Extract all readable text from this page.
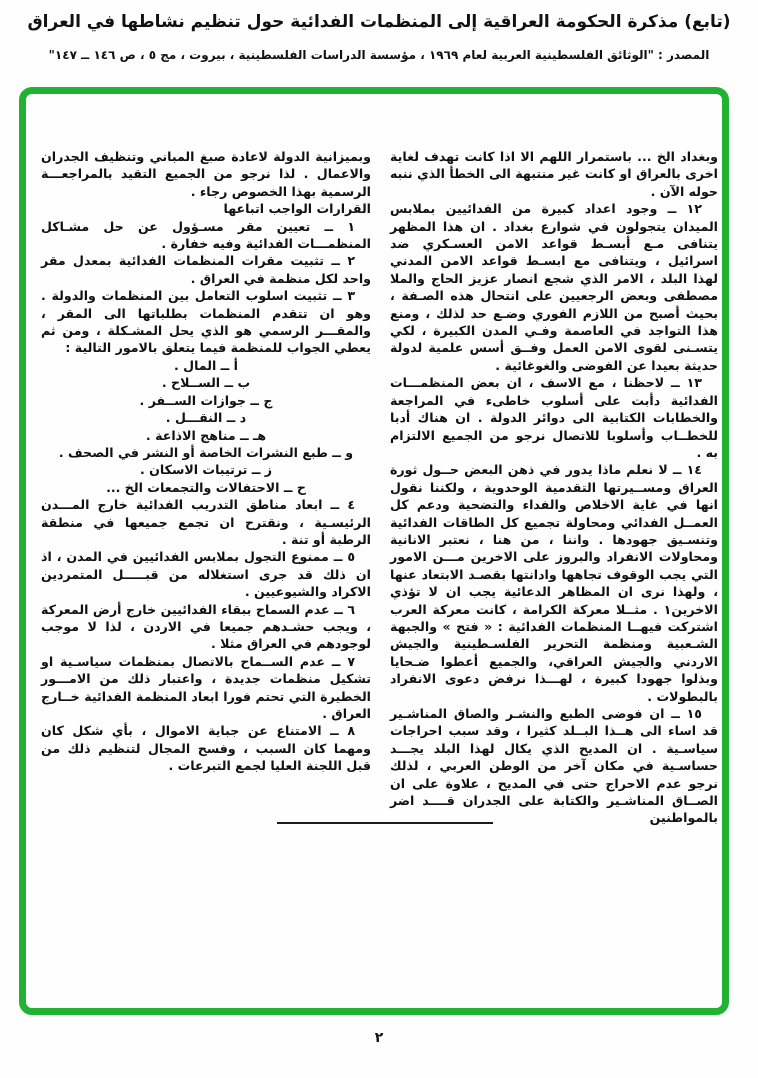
(تابع) مذكرة الحكومة العراقية إلى المنظمات الفدائية حول تنظيم نشاطها في العراق
المصدر : "الوثائق الفلسطينية العربية لعام ١٩٦٩ ، مؤسسة الدراسات الفلسطينية ، بيروت ، مج ٥ ، ص ١٤٦ ــ ١٤٧"

وبغداد الخ ... باستمرار اللهم الا اذا كانت تهدف لغاية اخرى بالعراق او كانت غير منتبهة الى الخطأ الذي ننبه حوله الآن .

١٢ ــ وجود اعداد كبيرة من الفدائيين بملابس الميدان يتجولون في شوارع بغداد . ان هذا المظهر يتنافى مـع أبسـط قواعد الامن العسـكري ضد اسرائيل ، ويتنافى مع ابسـط قواعد الامن المدني لهذا البلد ، الامر الذي شجع انصار عزيز الحاج والملا مصطفى وبعض الرجعيين على انتحال هذه الصـفة ، بحيث أصبح من اللازم الفوري وضـع حد لذلك ، ومنع هذا التواجد في العاصمة وفـي المدن الكبيرة ، لكي يتسـنى لقوى الامن العمل وفــق أسس علمية لدولة حديثة بعيدا عن الفوضى والغوغائية .

١٣ ــ لاحظنا ، مع الاسف ، ان بعض المنظمـــات الفدائية دأبت على أسلوب خاطىء في المراجعة والخطابات الكتابية الى دوائر الدولة . ان هناك أدبا للخطــاب وأسلوبا للاتصال نرجو من الجميع الالتزام به .

١٤ ــ لا نعلم ماذا يدور في ذهن البعض حــول ثورة العراق ومســيرتها التقدمية الوحدوية ، ولكننا نقول انها في غاية الاخلاص والفداء والتضحية ودعم كل العمــل الفدائي ومحاولة تجميع كل الطاقات الفدائية وتنسـيق جهودها . واننا ، من هنا ، نعتبر الانانية ومحاولات الانفراد والبروز على الاخرين مـــن الامور التي يجب الوقوف تجاهها وادانتها بقصـد الابتعاد عنها ، ولهذا نرى ان المظاهر الدعائية يجب ان لا تؤذي الاخرين١ . مثــلا معركة الكرامة ، كانت معركة العرب اشتركت فيهــا المنظمات الفدائية : « فتح » والجبهة الشـعبية ومنظمة التحرير الفلسـطينية والجيش الاردني والجيش العراقي، والجميع أعطوا ضـحايا وبذلوا جهودا كبيرة ، لهـــذا نرفض دعوى الانفراد بالبطولات .

١٥ ــ ان فوضى الطبع والنشـر والصاق المناشـير قد اساء الى هــذا البــلد كثيرا ، وقد سبب احراجات سياسـية . ان المديح الذي يكال لهذا البلد يجـــد حساسـية في مكان آخر من الوطن العربي ، لذلك نرجو عدم الاحراج حتى في المديح ، علاوة على ان الصــاق المناشـير والكتابة على الجدران قــــد اضر بالمواطنين

وبميزانية الدولة لاعادة صبغ المباني وتنظيف الجدران والاعمال . لذا نرجو من الجميع التقيد بالمراجعـــة الرسمية بهذا الخصوص رجاء .

القرارات الواجب اتباعها

١ ــ تعيين مقر مسـؤول عن حل مشـاكل المنظمـــات الفدائية وفيه خفارة .

٢ ــ تثبيت مقرات المنظمات الفدائية بمعدل مقر واحد لكل منظمة في العراق .

٣ ــ تثبيت اسلوب التعامل بين المنظمات والدولة . وهو ان تتقدم المنظمات بطلباتها الى المقر ، والمقـــر الرسمي هو الذي يحل المشـكلة ، ومن ثم يعطي الجواب للمنظمة فيما يتعلق بالامور التالية :

أ ــ المال .

ب ــ الســلاح .

ج ــ جوازات الســفر .

د ــ النقـــل .

هـ ــ مناهج الاذاعة .

و ــ طبع النشرات الخاصة أو النشر في الصحف .

ز ــ ترتيبات الاسكان .

ح ــ الاحتفالات والتجمعات الخ ...

٤ ــ ابعاد مناطق التدريب الفدائية خارج المـــدن الرئيسـية ، ونقترح ان تجمع جميعها في منطقة الرطبة أو تنة .

٥ ــ ممنوع التجول بملابس الفدائيين في المدن ، اذ ان ذلك قد جرى استغلاله من قبـــــل المتمردين الاكراد والشيوعيين .

٦ ــ عدم السماح ببقاء الفدائيين خارج أرض المعركة ، ويجب حشـدهم جميعا في الاردن ، لذا لا موجب لوجودهم في العراق مثلا .

٧ ــ عدم الســماح بالاتصال بمنظمات سياسـية او تشكيل منظمات جديدة ، واعتبار ذلك من الامـــور الخطيرة التي تحتم فورا ابعاد المنظمة الفدائية خــارج العراق .

٨ ــ الامتناع عن جباية الاموال ، بأي شكل كان ومهما كان السبب ، وفسح المجال لتنظيم ذلك من قبل اللجنة العليا لجمع التبرعات .

٢
